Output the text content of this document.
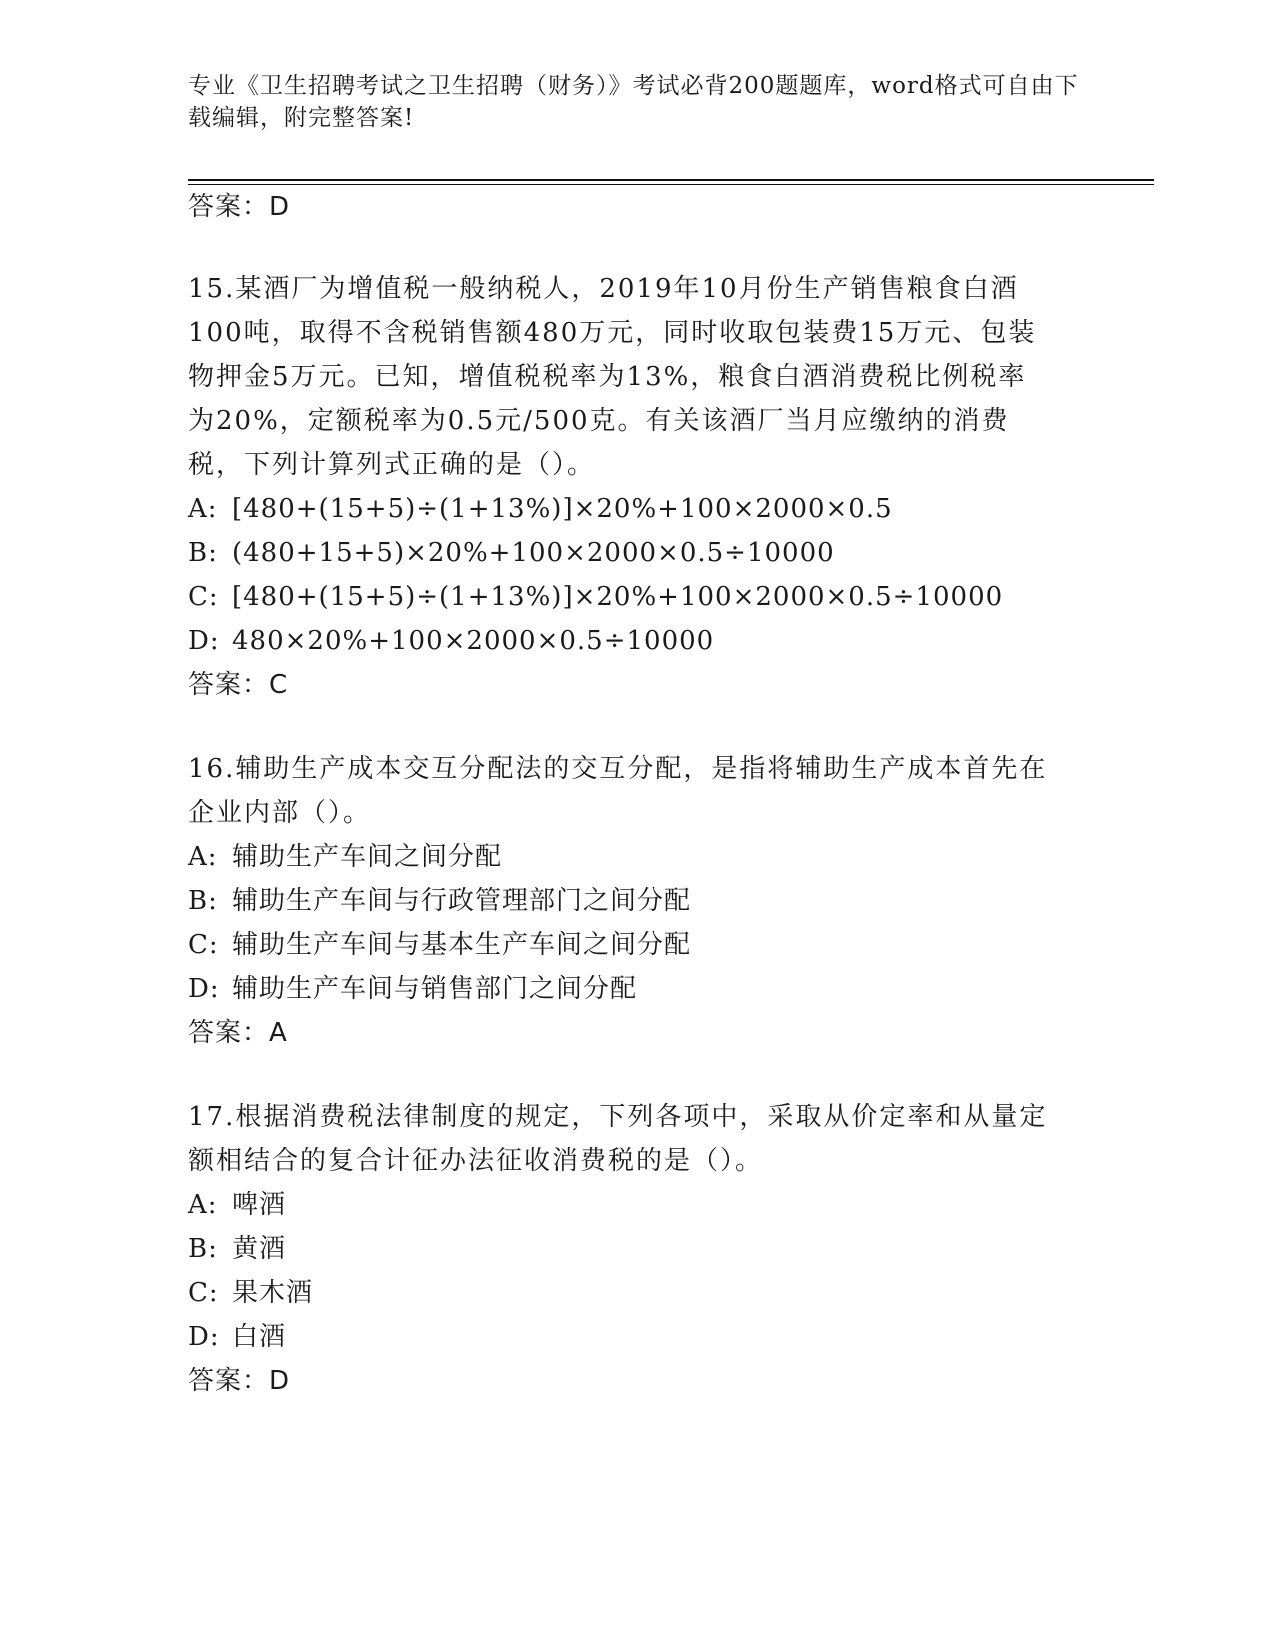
专业《卫生招聘考试之卫生招聘（财务）》考试必背200题题库，word格式可自由下载编辑，附完整答案!
答案：D
15.某酒厂为增值税一般纳税人，2019年10月份生产销售粮食白酒
100吨，取得不含税销售额480万元，同时收取包装费15万元、包装
物押金5万元。已知，增值税税率为13%，粮食白酒消费税比例税率
为20%，定额税率为0.5元/500克。有关该酒厂当月应缴纳的消费
税，下列计算列式正确的是（）。
A: [480+(15+5)÷(1+13%)]×20%+100×2000×0.5
B: (480+15+5)×20%+100×2000×0.5÷10000
C: [480+(15+5)÷(1+13%)]×20%+100×2000×0.5÷10000
D: 480×20%+100×2000×0.5÷10000
答案：C
16.辅助生产成本交互分配法的交互分配，是指将辅助生产成本首先在
企业内部（）。
A: 辅助生产车间之间分配
B: 辅助生产车间与行政管理部门之间分配
C: 辅助生产车间与基本生产车间之间分配
D: 辅助生产车间与销售部门之间分配
答案：A
17.根据消费税法律制度的规定，下列各项中，采取从价定率和从量定
额相结合的复合计征办法征收消费税的是（）。
A: 啤酒
B: 黄酒
C: 果木酒
D: 白酒
答案：D
